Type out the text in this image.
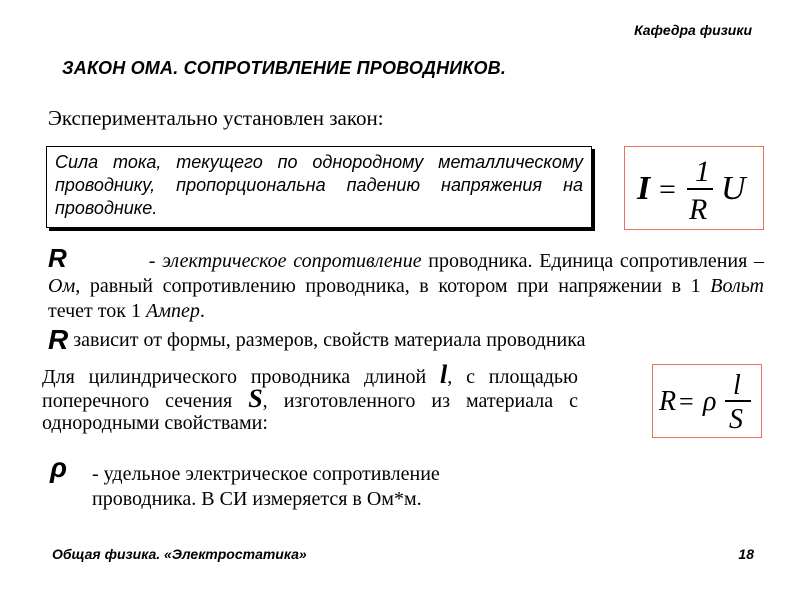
Кафедра физики
ЗАКОН ОМА. СОПРОТИВЛЕНИЕ ПРОВОДНИКОВ.
Экспериментально установлен закон:
Сила тока, текущего по однородному металлическому проводнику, пропорциональна падению напряжения на проводнике.
I =
1
R
U
R	- электрическое сопротивление проводника. Единица сопротивления – Ом, равный сопротивлению проводника, в котором при напряжении в 1 Вольт течет ток 1 Ампер.
R зависит от формы, размеров, свойств материала проводника
Для цилиндрического проводника длиной l, с площадью поперечного сечения S, изготовленного из материала с однородными свойствами:
R = ρ
l
S
ρ - удельное электрическое сопротивление
проводника. В СИ измеряется в Ом*м.
Общая физика. «Электростатика»	18
